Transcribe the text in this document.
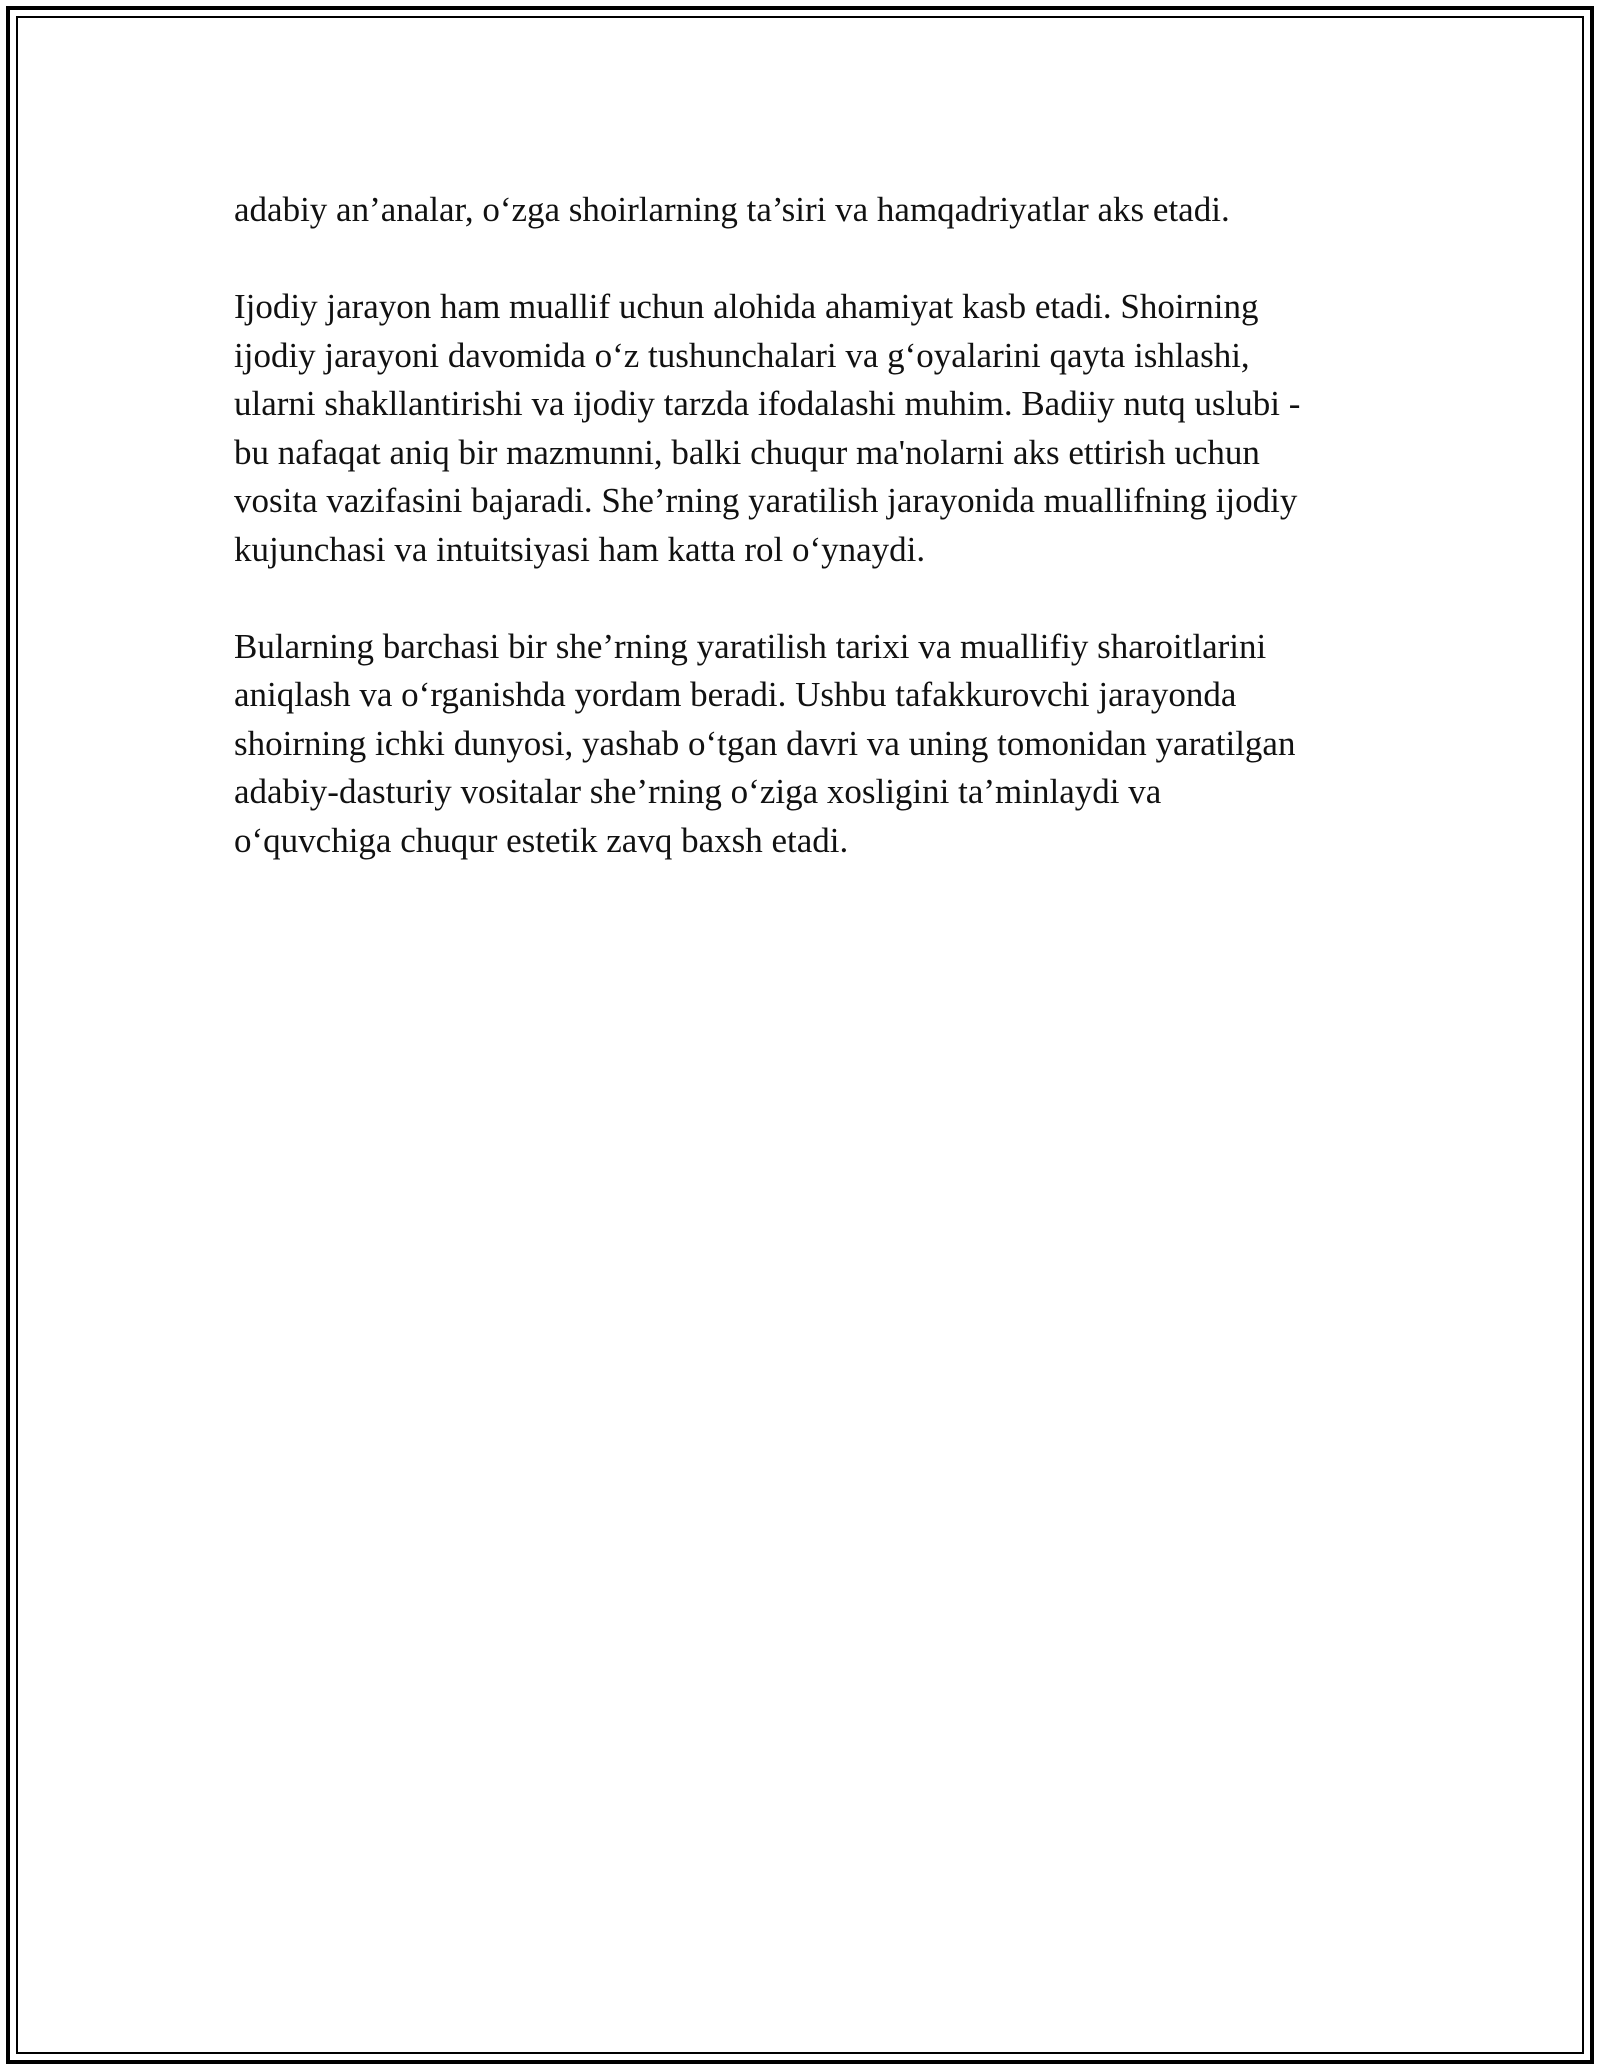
adabiy an’analar, o‘zga shoirlarning ta’siri va hamqadriyatlar aks etadi.

Ijodiy jarayon ham muallif uchun alohida ahamiyat kasb etadi. Shoirning
ijodiy jarayoni davomida o‘z tushunchalari va g‘oyalarini qayta ishlashi,
ularni shakllantirishi va ijodiy tarzda ifodalashi muhim. Badiiy nutq uslubi -
bu nafaqat aniq bir mazmunni, balki chuqur ma'nolarni aks ettirish uchun
vosita vazifasini bajaradi. She’rning yaratilish jarayonida muallifning ijodiy
kujunchasi va intuitsiyasi ham katta rol o‘ynaydi.

Bularning barchasi bir she’rning yaratilish tarixi va muallifiy sharoitlarini
aniqlash va o‘rganishda yordam beradi. Ushbu tafakkurovchi jarayonda
shoirning ichki dunyosi, yashab o‘tgan davri va uning tomonidan yaratilgan
adabiy-dasturiy vositalar she’rning o‘ziga xosligini ta’minlaydi va
o‘quvchiga chuqur estetik zavq baxsh etadi.
